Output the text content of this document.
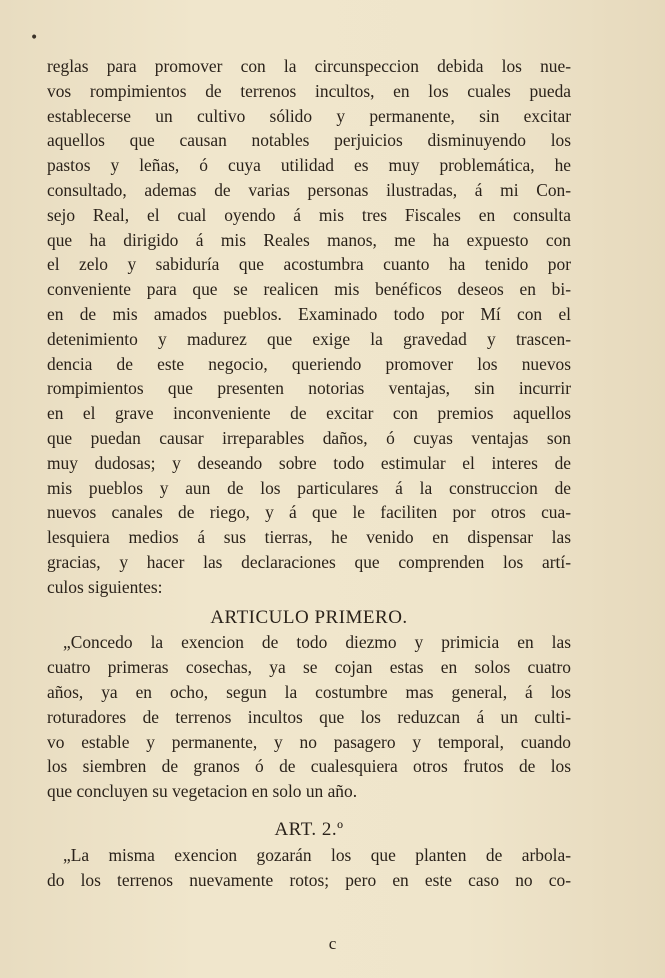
•
reglas para promover con la circunspeccion debida los nue-
vos rompimientos de terrenos incultos, en los cuales pueda
establecerse un cultivo sólido y permanente, sin excitar
aquellos que causan notables perjuicios disminuyendo los
pastos y leñas, ó cuya utilidad es muy problemática, he
consultado, ademas de varias personas ilustradas, á mi Con-
sejo Real, el cual oyendo á mis tres Fiscales en consulta
que ha dirigido á mis Reales manos, me ha expuesto con
el zelo y sabiduría que acostumbra cuanto ha tenido por
conveniente para que se realicen mis benéficos deseos en bi-
en de mis amados pueblos. Examinado todo por Mí con el
detenimiento y madurez que exige la gravedad y trascen-
dencia de este negocio, queriendo promover los nuevos
rompimientos que presenten notorias ventajas, sin incurrir
en el grave inconveniente de excitar con premios aquellos
que puedan causar irreparables daños, ó cuyas ventajas son
muy dudosas; y deseando sobre todo estimular el interes de
mis pueblos y aun de los particulares á la construccion de
nuevos canales de riego, y á que le faciliten por otros cua-
lesquiera medios á sus tierras, he venido en dispensar las
gracias, y hacer las declaraciones que comprenden los artí-
culos siguientes:
ARTICULO PRIMERO.
„Concedo la exencion de todo diezmo y primicia en las
cuatro primeras cosechas, ya se cojan estas en solos cuatro
años, ya en ocho, segun la costumbre mas general, á los
roturadores de terrenos incultos que los reduzcan á un culti-
vo estable y permanente, y no pasagero y temporal, cuando
los siembren de granos ó de cualesquiera otros frutos de los
que concluyen su vegetacion en solo un año.
ART. 2.º
„La misma exencion gozarán los que planten de arbola-
do los terrenos nuevamente rotos; pero en este caso no co-
c
